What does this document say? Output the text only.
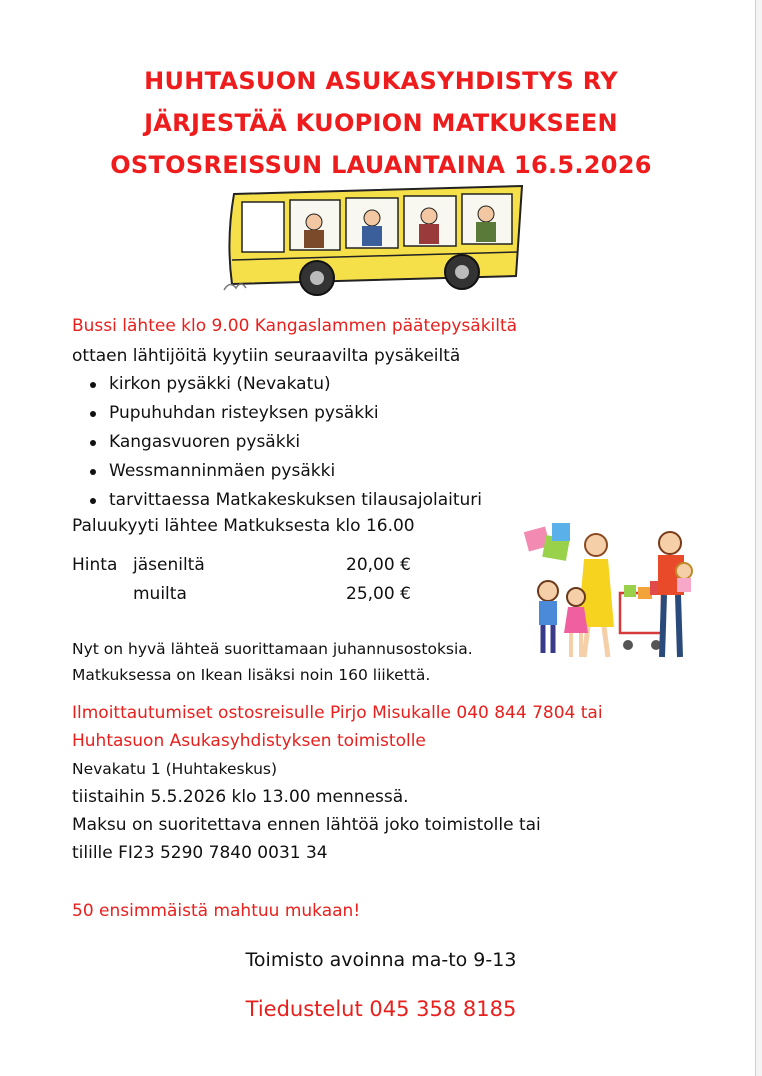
HUHTASUON ASUKASYHDISTYS RY
JÄRJESTÄÄ KUOPION MATKUKSEEN
OSTOSREISSUN LAUANTAINA 16.5.2026
Bussi lähtee klo 9.00 Kangaslammen päätepysäkiltä
ottaen lähtijöitä kyytiin seuraavilta pysäkeiltä
kirkon pysäkki (Nevakatu)
Pupuhuhdan risteyksen pysäkki
Kangasvuoren pysäkki
Wessmanninmäen pysäkki
tarvittaessa Matkakeskuksen tilausajolaituri
Paluukyyti lähtee Matkuksesta klo 16.00
Hinta jäseniltä	20,00 €
muilta	25,00 €
Nyt on hyvä lähteä suorittamaan juhannusostoksia.
Matkuksessa on Ikean lisäksi noin 160 liikettä.
Ilmoittautumiset ostosreisulle Pirjo Misukalle 040 844 7804 tai
Huhtasuon Asukasyhdistyksen toimistolle
Nevakatu 1 (Huhtakeskus)
tiistaihin 5.5.2026 klo 13.00 mennessä.
Maksu on suoritettava ennen lähtöä joko toimistolle tai
tilille FI23 5290 7840 0031 34
50 ensimmäistä mahtuu mukaan!
Toimisto avoinna ma-to 9-13
Tiedustelut 045 358 8185
